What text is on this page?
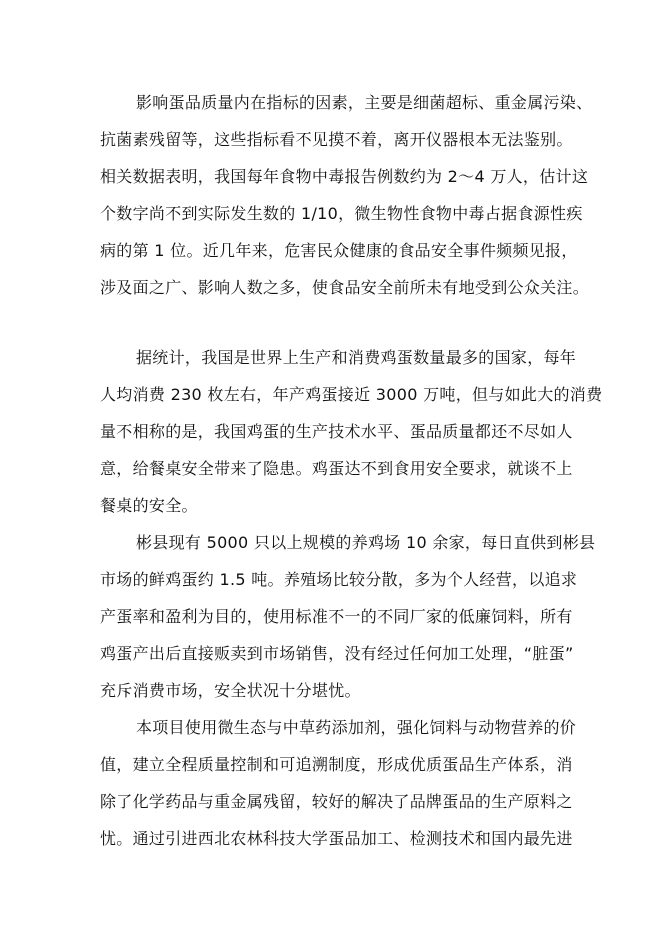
影响蛋品质量内在指标的因素，主要是细菌超标、重金属污染、
抗菌素残留等，这些指标看不见摸不着，离开仪器根本无法鉴别。
相关数据表明，我国每年食物中毒报告例数约为 2～4 万人，估计这
个数字尚不到实际发生数的 1/10，微生物性食物中毒占据食源性疾
病的第 1 位。近几年来，危害民众健康的食品安全事件频频见报，
涉及面之广、影响人数之多，使食品安全前所未有地受到公众关注。
据统计，我国是世界上生产和消费鸡蛋数量最多的国家，每年
人均消费 230 枚左右，年产鸡蛋接近 3000 万吨，但与如此大的消费
量不相称的是，我国鸡蛋的生产技术水平、蛋品质量都还不尽如人
意，给餐桌安全带来了隐患。鸡蛋达不到食用安全要求，就谈不上
餐桌的安全。
彬县现有 5000 只以上规模的养鸡场 10 余家，每日直供到彬县
市场的鲜鸡蛋约 1.5 吨。养殖场比较分散，多为个人经营，以追求
产蛋率和盈利为目的，使用标准不一的不同厂家的低廉饲料，所有
鸡蛋产出后直接贩卖到市场销售，没有经过任何加工处理，“脏蛋”
充斥消费市场，安全状况十分堪忧。
本项目使用微生态与中草药添加剂，强化饲料与动物营养的价
值，建立全程质量控制和可追溯制度，形成优质蛋品生产体系，消
除了化学药品与重金属残留，较好的解决了品牌蛋品的生产原料之
忧。通过引进西北农林科技大学蛋品加工、检测技术和国内最先进
